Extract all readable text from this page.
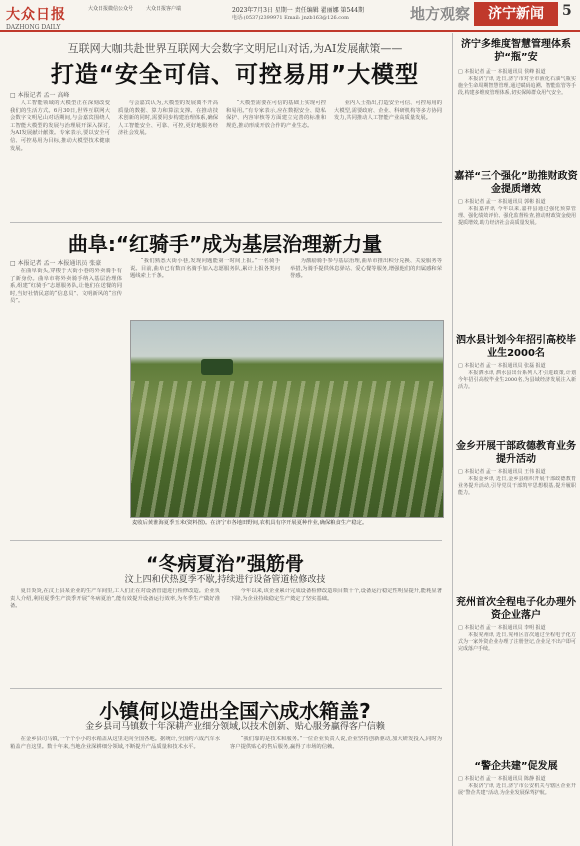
大众日报
DAZHONG DAILY
大众日报微信公众号	大众日报客户端	2023年7月3日 星期一 责任编辑 翟丽娜 第544期
电话:(0537)2399971 Email: jnzb163@126.com	地方观察	济宁新闻	5
互联网大咖共赴世界互联网大会数字文明尼山对话,为AI发展献策——
打造“安全可信、可控易用”大模型
□ 本报记者 孟一 高峰

人工智能领域的大模型正在深刻改变我们的生活方式。6月30日,世界互联网大会数字文明尼山对话期间,与会嘉宾围绕人工智能大模型的发展与治理展开深入探讨,为AI发展献计献策。专家表示,要以安全可信、可控易用为目标,推动大模型技术健康发展。

与会嘉宾认为,大模型的发展离不开高质量的数据、算力和算法支撑。在推动技术创新的同时,需要同步构建治理体系,确保人工智能安全、可靠、可控,更好地服务经济社会发展。

“大模型需要在可信的基础上实现可控和易用。”有专家表示,应在数据安全、隐私保护、内容审核等方面建立完善的标准和规范,推动形成开放合作的产业生态。

业内人士指出,打造安全可信、可控易用的大模型,需要政府、企业、科研机构等多方协同发力,共同推动人工智能产业高质量发展。

曲阜:“红骑手”成为基层治理新力量
□ 本报记者 孟一 本报通讯员 张豪

在曲阜街头,穿梭于大街小巷的外卖骑手有了新身份。曲阜市将外卖骑手纳入基层治理体系,组建“红骑手”志愿服务队,让他们在送餐的同时,当好社情民意的“信息员”、文明新风的“宣传员”。

“我们熟悉大街小巷,发现问题能第一时间上报。”一名骑手说。目前,曲阜已有数百名骑手加入志愿服务队,累计上报各类问题线索上千条。

为激励骑手参与基层治理,曲阜市推出积分兑换、关爱服务等举措,为骑手提供休息驿站、爱心餐等服务,增强他们的归属感和荣誉感。

麦收后黄淮海夏季玉米(资料图)。在济宁市各地田野间,农机具有序开展夏种作业,确保粮食生产稳定。
“冬病夏治”强筋骨
汶上四和伏热夏季不歇,持续进行设备管道检修改技

夏日炎炎,在汶上县某企业的生产车间里,工人们正在对设备管道进行检修改造。企业负责人介绍,利用夏季生产淡季开展“冬病夏治”,能有效提升设备运行效率,为冬季生产做好准备。

今年以来,该企业累计完成设备检修改造项目数十个,设备运行稳定性明显提升,能耗显著下降,为企业持续稳定生产奠定了坚实基础。

小镇何以造出全国六成水箱盖?
金乡县司马镇数十年深耕产业细分领域,以技术创新、贴心服务赢得客户信赖

在金乡县司马镇,一个个小小的水箱盖从这里走向全国各地。据统计,全国约六成汽车水箱盖产自这里。数十年来,当地企业深耕细分领域,不断提升产品质量和技术水平。

“我们靠的是技术和服务。”一位企业负责人说,企业坚持创新驱动,加大研发投入,同时为客户提供贴心的售后服务,赢得了市场的信赖。

济宁多维度智慧管理体系护“瓶”安
□ 本报记者 孟一 本报通讯员 侯峰 报道

本报济宁讯 近日,济宁市对全市液化石油气瓶实施全生命周期智慧管理,通过赋码追溯、智能监管等手段,构建多维度管理体系,切实保障群众用气安全。

嘉祥“三个强化”助推财政资金提质增效
□ 本报记者 孟一 本报通讯员 郭彬 报道

本报嘉祥讯 今年以来,嘉祥县通过强化预算管理、强化绩效评价、强化监督检查,推动财政资金使用提质增效,助力经济社会高质量发展。

泗水县计划今年招引高校毕业生2000名
□ 本报记者 孟一 本报通讯员 张磊 报道

本报泗水讯 泗水县出台系列人才引进政策,计划今年招引高校毕业生2000名,为县域经济发展注入新活力。

金乡开展干部政德教育业务提升活动
□ 本报记者 孟一 本报通讯员 王伟 报道

本报金乡讯 近日,金乡县组织开展干部政德教育业务提升活动,引导党员干部筑牢思想根基,提升履职能力。

兖州首次全程电子化办理外资企业落户
□ 本报记者 孟一 本报通讯员 李明 报道

本报兖州讯 近日,兖州区首次通过全程电子化方式为一家外资企业办理了注册登记,企业足不出户即可完成落户手续。

“警企共建”促发展
□ 本报记者 孟一 本报通讯员 陈静 报道

本报济宁讯 近日,济宁市公安机关与辖区企业开展“警企共建”活动,为企业发展保驾护航。
